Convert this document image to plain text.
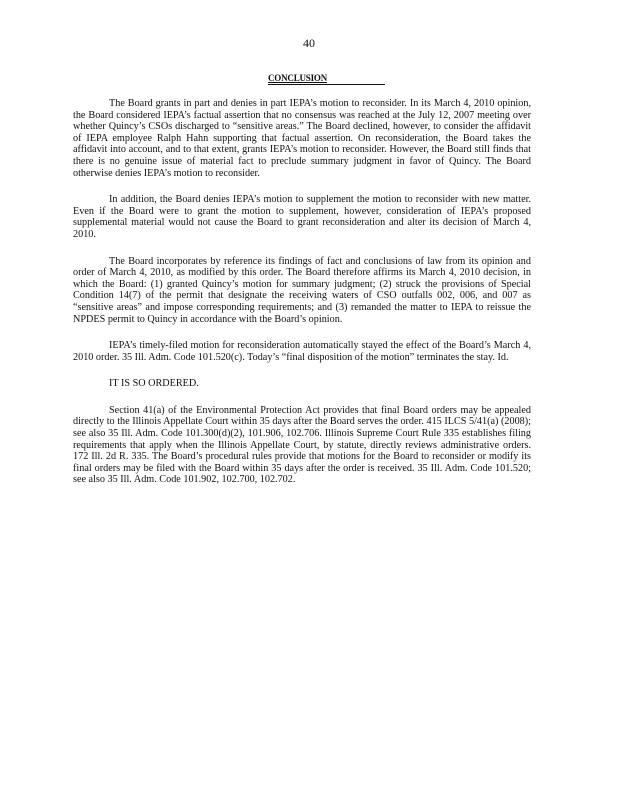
40
CONCLUSION

The Board grants in part and denies in part IEPA’s motion to reconsider. In its March 4, 2010 opinion, the Board considered IEPA’s factual assertion that no consensus was reached at the July 12, 2007 meeting over whether Quincy’s CSOs discharged to “sensitive areas.” The Board declined, however, to consider the affidavit of IEPA employee Ralph Hahn supporting that factual assertion. On reconsideration, the Board takes the affidavit into account, and to that extent, grants IEPA’s motion to reconsider. However, the Board still finds that there is no genuine issue of material fact to preclude summary judgment in favor of Quincy. The Board otherwise denies IEPA’s motion to reconsider.

In addition, the Board denies IEPA’s motion to supplement the motion to reconsider with new matter. Even if the Board were to grant the motion to supplement, however, consideration of IEPA’s proposed supplemental material would not cause the Board to grant reconsideration and alter its decision of March 4, 2010.

The Board incorporates by reference its findings of fact and conclusions of law from its opinion and order of March 4, 2010, as modified by this order. The Board therefore affirms its March 4, 2010 decision, in which the Board: (1) granted Quincy’s motion for summary judgment; (2) struck the provisions of Special Condition 14(7) of the permit that designate the receiving waters of CSO outfalls 002, 006, and 007 as “sensitive areas” and impose corresponding requirements; and (3) remanded the matter to IEPA to reissue the NPDES permit to Quincy in accordance with the Board’s opinion.

IEPA’s timely-filed motion for reconsideration automatically stayed the effect of the Board’s March 4, 2010 order. 35 Ill. Adm. Code 101.520(c). Today’s “final disposition of the motion” terminates the stay. Id.

IT IS SO ORDERED.

Section 41(a) of the Environmental Protection Act provides that final Board orders may be appealed directly to the Illinois Appellate Court within 35 days after the Board serves the order. 415 ILCS 5/41(a) (2008); see also 35 Ill. Adm. Code 101.300(d)(2), 101.906, 102.706. Illinois Supreme Court Rule 335 establishes filing requirements that apply when the Illinois Appellate Court, by statute, directly reviews administrative orders. 172 Ill. 2d R. 335. The Board’s procedural rules provide that motions for the Board to reconsider or modify its final orders may be filed with the Board within 35 days after the order is received. 35 Ill. Adm. Code 101.520; see also 35 Ill. Adm. Code 101.902, 102.700, 102.702.
